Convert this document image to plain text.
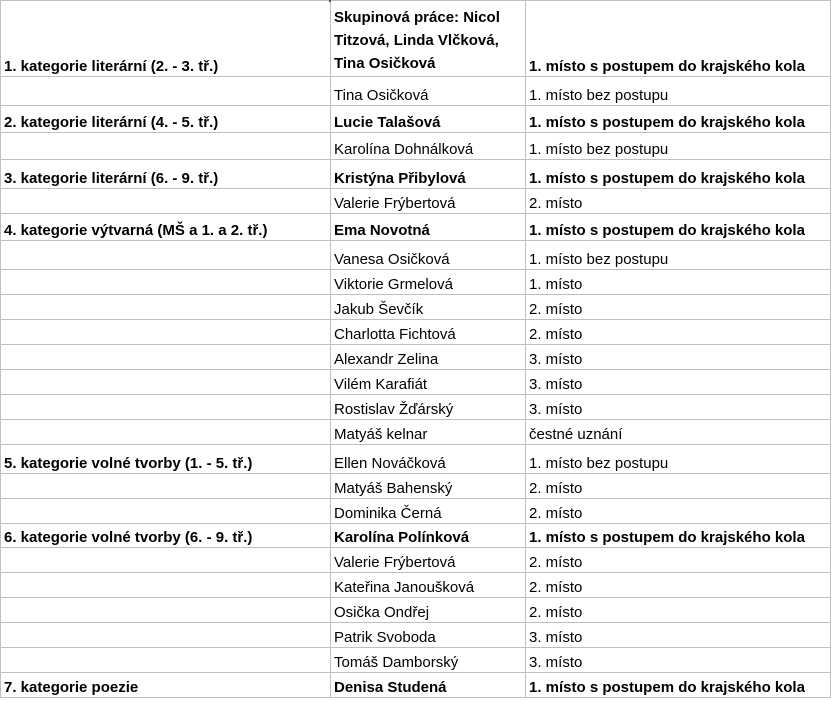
1. kategorie literární (2. - 3. tř.)	Skupinová práce: Nicol Titzová, Linda Vlčková, Tina Osičková	1. místo s postupem do krajského kola
	Tina Osičková	1. místo bez postupu
2. kategorie literární (4. - 5. tř.)	Lucie Talašová	1. místo s postupem do krajského kola
	Karolína Dohnálková	1. místo bez postupu
3. kategorie literární (6. - 9. tř.)	Kristýna Přibylová	1. místo s postupem do krajského kola
	Valerie Frýbertová	2. místo
4. kategorie výtvarná (MŠ a 1. a 2. tř.)	Ema Novotná	1. místo s postupem do krajského kola
	Vanesa Osičková	1. místo bez postupu
	Viktorie Grmelová	1. místo
	Jakub Ševčík	2. místo
	Charlotta Fichtová	2. místo
	Alexandr Zelina	3. místo
	Vilém Karafiát	3. místo
	Rostislav Žďárský	3. místo
	Matyáš kelnar	čestné uznání
5. kategorie volné tvorby (1. - 5. tř.)	Ellen Nováčková	1. místo bez postupu
	Matyáš Bahenský	2. místo
	Dominika Černá	2. místo
6. kategorie volné tvorby (6. - 9. tř.)	Karolína Polínková	1. místo s postupem do krajského kola
	Valerie Frýbertová	2. místo
	Kateřina Janoušková	2. místo
	Osička Ondřej	2. místo
	Patrik Svoboda	3. místo
	Tomáš Damborský	3. místo
7. kategorie poezie	Denisa Studená	1. místo s postupem do krajského kola
